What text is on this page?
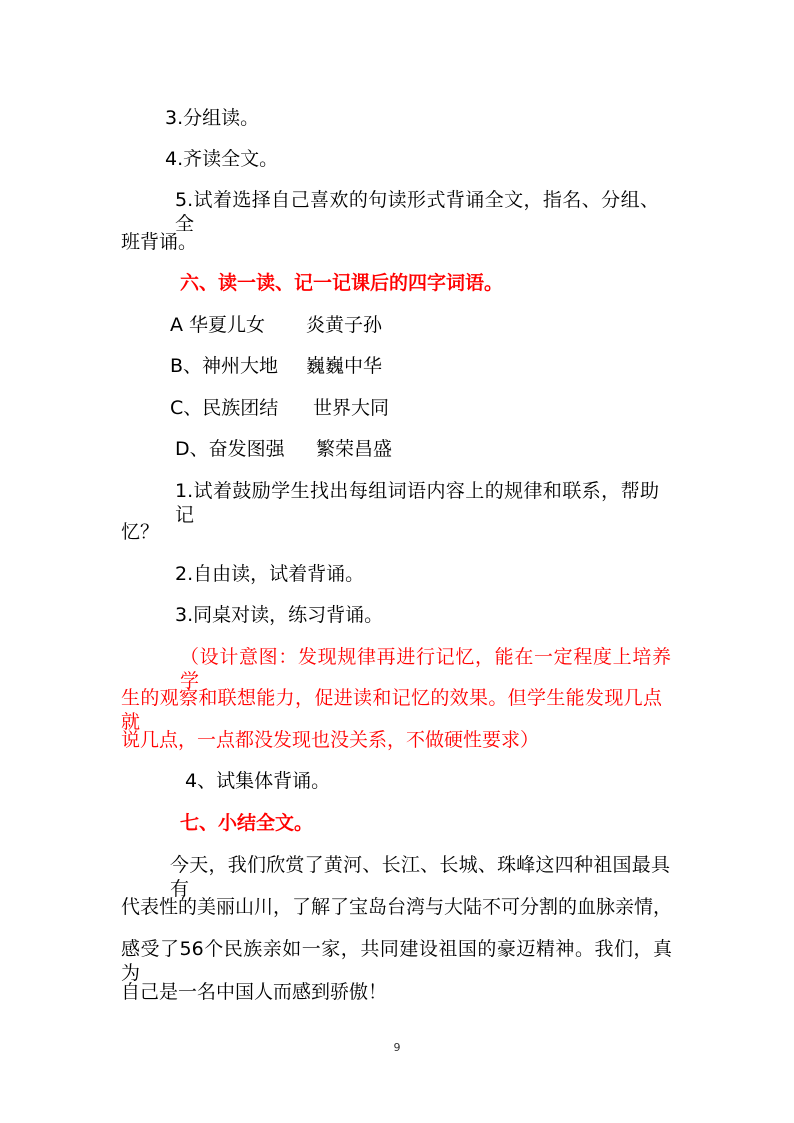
3.分组读。
4.齐读全文。
5.试着选择自己喜欢的句读形式背诵全文，指名、分组、全
班背诵。
六、读一读、记一记课后的四字词语。
A 华夏儿女 炎黄子孙
B、神州大地 巍巍中华
C、民族团结 世界大同
D、奋发图强 繁荣昌盛
1.试着鼓励学生找出每组词语内容上的规律和联系，帮助记
忆？
2.自由读，试着背诵。
3.同桌对读，练习背诵。
（设计意图：发现规律再进行记忆，能在一定程度上培养学
生的观察和联想能力，促进读和记忆的效果。但学生能发现几点就
说几点，一点都没发现也没关系，不做硬性要求）
4、试集体背诵。
七、小结全文。
今天，我们欣赏了黄河、长江、长城、珠峰这四种祖国最具有
代表性的美丽山川，了解了宝岛台湾与大陆不可分割的血脉亲情，
感受了56个民族亲如一家，共同建设祖国的豪迈精神。我们，真为
自己是一名中国人而感到骄傲！
9
